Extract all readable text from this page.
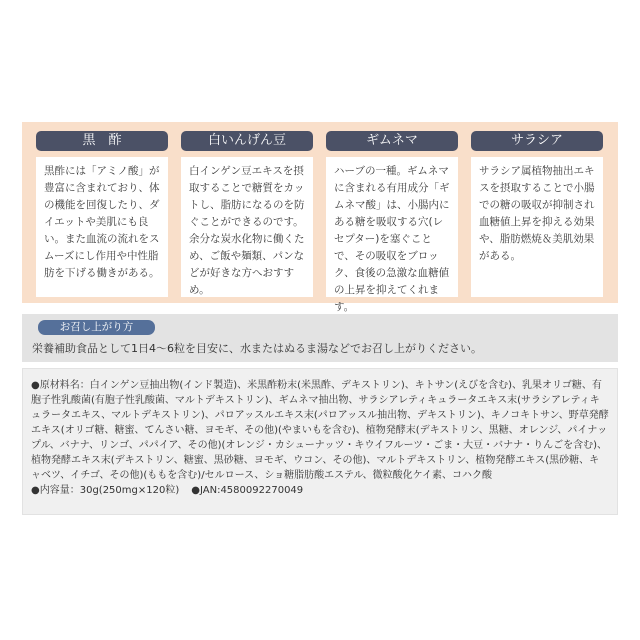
黒　酢
黒酢には「アミノ酸」が豊富に含まれており、体の機能を回復したり、ダイエットや美肌にも良い。また血流の流れをスムーズにし作用や中性脂肪を下げる働きがある。
白いんげん豆
白インゲン豆エキスを摂取することで糖質をカットし、脂肪になるのを防ぐことができるのです。余分な炭水化物に働くため、ご飯や麺類、パンなどが好きな方へおすすめ。
ギムネマ
ハーブの一種。ギムネマに含まれる有用成分「ギムネマ酸」は、小腸内にある糖を吸収する穴(レセプター)を塞ぐことで、その吸収をブロック、食後の急激な血糖値の上昇を抑えてくれます。
サラシア
サラシア属植物抽出エキスを摂取することで小腸での糖の吸収が抑制され血糖値上昇を抑える効果や、脂肪燃焼＆美肌効果がある。
お召し上がり方
栄養補助食品として1日4～6粒を目安に、水またはぬるま湯などでお召し上がりください。

●原材料名：白インゲン豆抽出物(インド製造)、米黒酢粉末(米黒酢、デキストリン)、キトサン(えびを含む)、乳果オリゴ糖、有胞子性乳酸菌(有胞子性乳酸菌、マルトデキストリン)、ギムネマ抽出物、サラシアレティキュラータエキス末(サラシアレティキュラータエキス、マルトデキストリン)、パロアッスルエキス末(パロアッスル抽出物、デキストリン)、キノコキトサン、野草発酵エキス(オリゴ糖、糖蜜、てんさい糖、ヨモギ、その他)(やまいもを含む)、植物発酵末(デキストリン、黒糖、オレンジ、パイナップル、バナナ、リンゴ、パパイア、その他)(オレンジ・カシューナッツ・キウイフルーツ・ごま・大豆・バナナ・りんごを含む)、植物発酵エキス末(デキストリン、糖蜜、黒砂糖、ヨモギ、ウコン、その他)、マルトデキストリン、植物発酵エキス(黒砂糖、キャベツ、イチゴ、その他)(ももを含む)/セルロース、ショ糖脂肪酸エステル、微粒酸化ケイ素、コハク酸

●内容量：30g(250mg×120粒) ●JAN:4580092270049
